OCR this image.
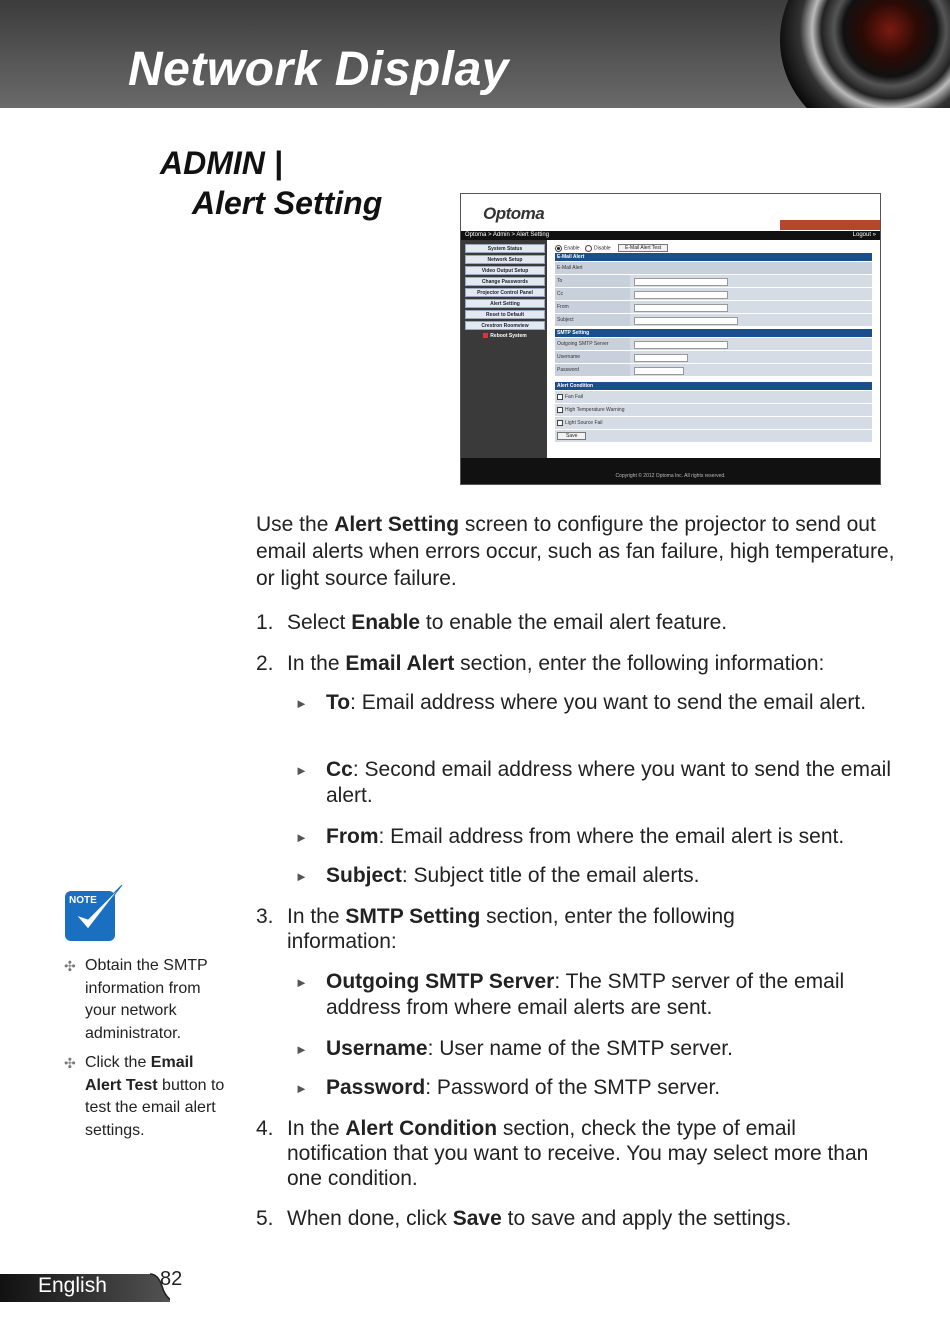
Network Display
ADMIN |
Alert Setting	Optoma
Optoma > Admin > Alert Setting	Logout »
System Status
Network Setup
Video Output Setup
Change Passwords
Projector Control Panel
Alert Setting
Reset to Default
Crestron Roomview
Reboot System
Enable	Disable	E-Mail Alert Test
E-Mail Alert
E-Mail Alert
To
Cc
From
Subject
SMTP Setting
Outgoing SMTP Server
Username
Password
Alert Condition
Fan Fail
High Temperature Warning
Light Source Fail
Save
Copyright © 2012 Optoma Inc. All rights reserved.
Use the Alert Setting screen to configure the projector to send out email alerts when errors occur, such as fan failure, high temperature, or light source failure.
1. Select Enable to enable the email alert feature.
2. In the Email Alert section, enter the following information:
► To: Email address where you want to send the email alert.
► Cc: Second email address where you want to send the email alert.
► From: Email address from where the email alert is sent.
► Subject: Subject title of the email alerts.
3. In the SMTP Setting section, enter the following information:
► Outgoing SMTP Server: The SMTP server of the email address from where email alerts are sent.
► Username: User name of the SMTP server.
► Password: Password of the SMTP server.
4. In the Alert Condition section, check the type of email notification that you want to receive. You may select more than one condition.
5. When done, click Save to save and apply the settings.
NOTE
✣ Obtain the SMTP information from your network administrator.
✣ Click the Email Alert Test button to test the email alert settings.
English	82
